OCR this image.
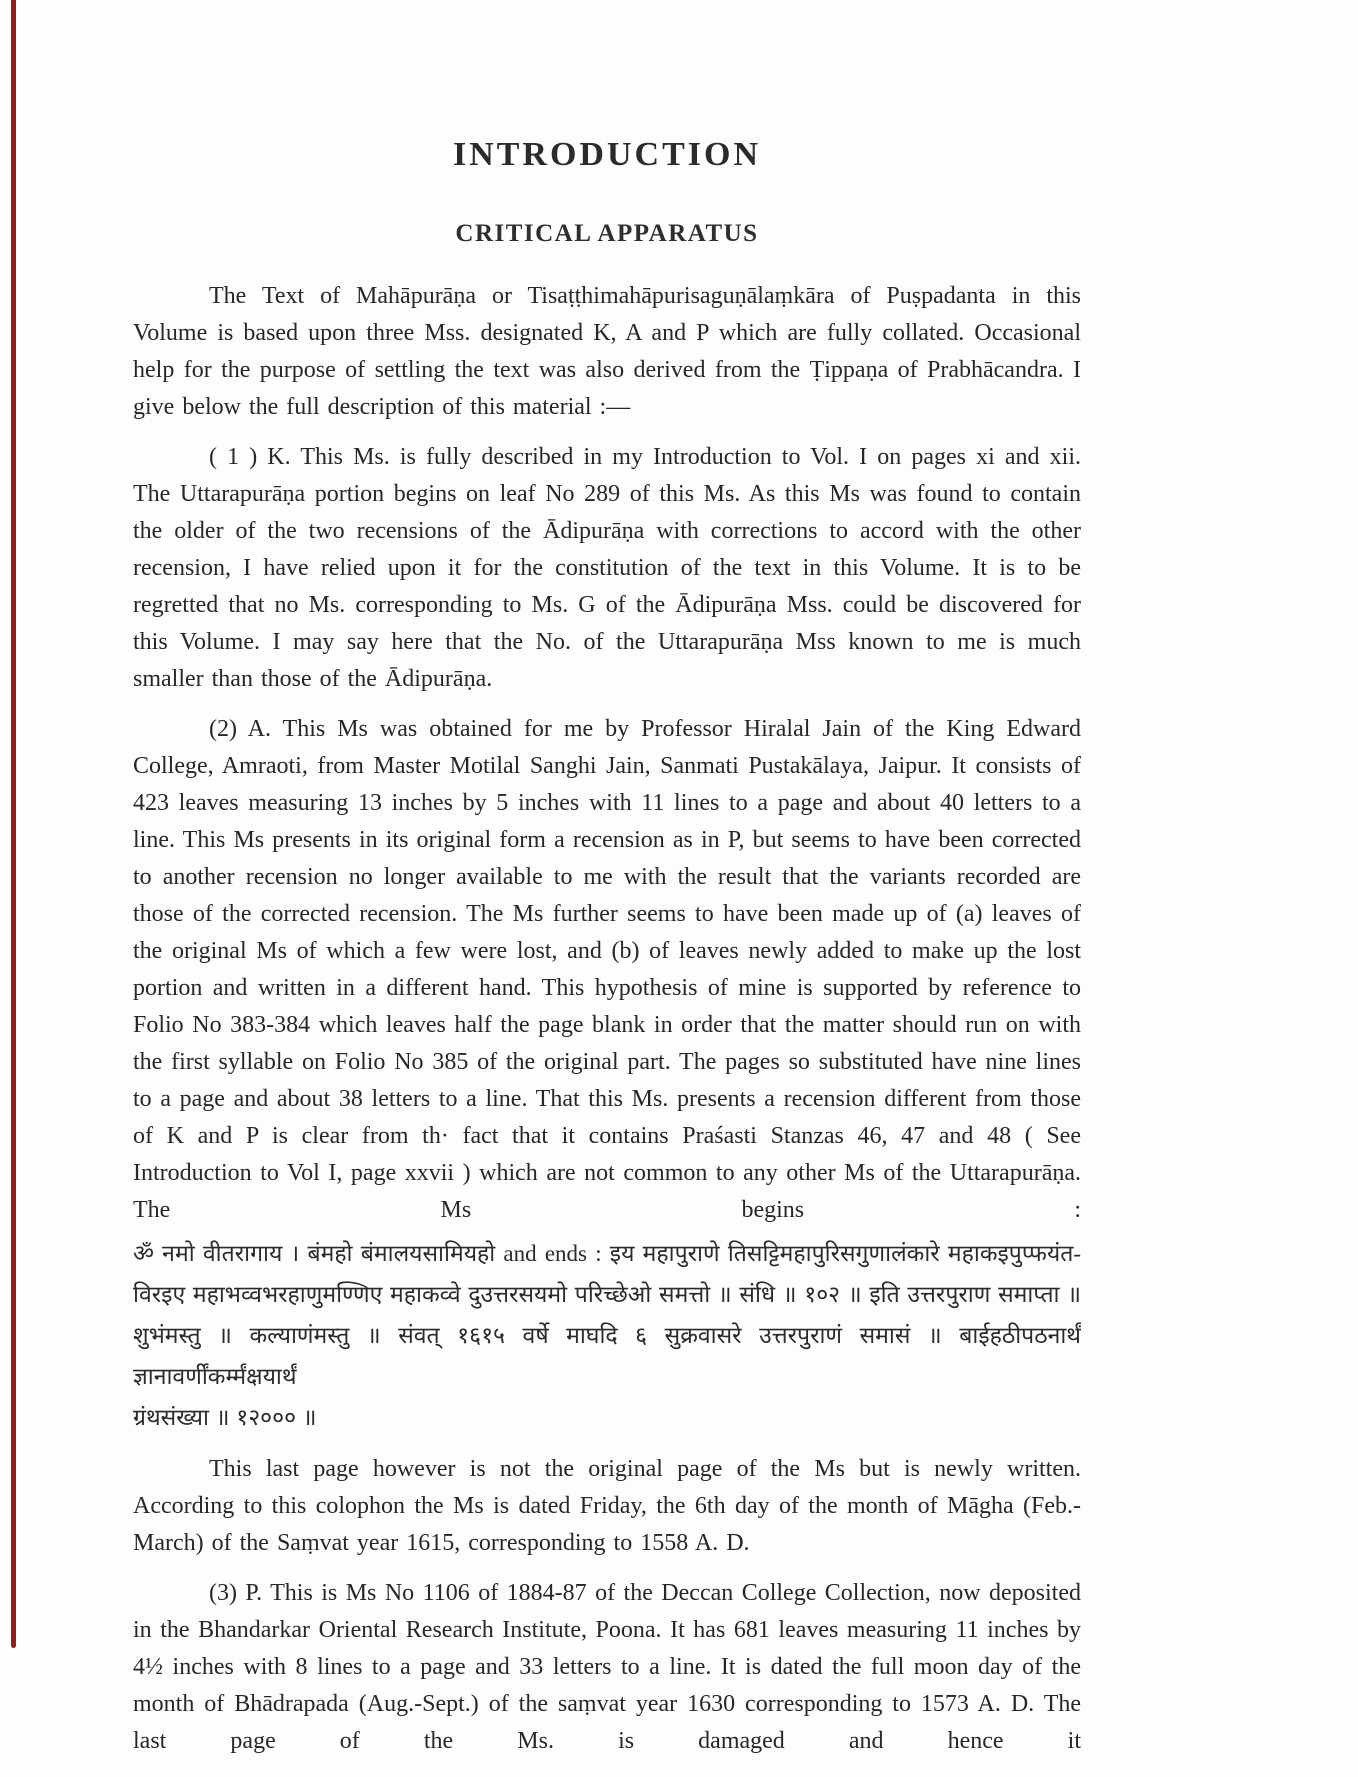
INTRODUCTION
CRITICAL APPARATUS
The Text of Mahāpurāṇa or Tisaṭṭhimahāpurisaguṇālaṃkāra of Puṣpadanta in this Volume is based upon three Mss. designated K, A and P which are fully collated. Occasional help for the purpose of settling the text was also derived from the Ṭippaṇa of Prabhācandra. I give below the full description of this material :—
( 1 ) K. This Ms. is fully described in my Introduction to Vol. I on pages xi and xii. The Uttarapurāṇa portion begins on leaf No 289 of this Ms. As this Ms was found to contain the older of the two recensions of the Ādipurāṇa with corrections to accord with the other recension, I have relied upon it for the constitution of the text in this Volume. It is to be regretted that no Ms. corresponding to Ms. G of the Ādipurāṇa Mss. could be discovered for this Volume. I may say here that the No. of the Uttarapurāṇa Mss known to me is much smaller than those of the Ādipurāṇa.
(2) A. This Ms was obtained for me by Professor Hiralal Jain of the King Edward College, Amraoti, from Master Motilal Sanghi Jain, Sanmati Pustakālaya, Jaipur. It consists of 423 leaves measuring 13 inches by 5 inches with 11 lines to a page and about 40 letters to a line. This Ms presents in its original form a recension as in P, but seems to have been corrected to another recension no longer available to me with the result that the variants recorded are those of the corrected recension. The Ms further seems to have been made up of (a) leaves of the original Ms of which a few were lost, and (b) of leaves newly added to make up the lost portion and written in a different hand. This hypothesis of mine is supported by reference to Folio No 383-384 which leaves half the page blank in order that the matter should run on with the first syllable on Folio No 385 of the original part. The pages so substituted have nine lines to a page and about 38 letters to a line. That this Ms. presents a recension different from those of K and P is clear from th· fact that it contains Praśasti Stanzas 46, 47 and 48 ( See Introduction to Vol I, page xxvii ) which are not common to any other Ms of the Uttarapurāṇa. The Ms begins :
ॐ नमो वीतरागाय । बंमहो बंमालयसामियहो and ends : इय महापुराणे तिसट्टिमहापुरिसगुणालंकारे महाकइपुप्फयंत-
विरइए महाभव्वभरहाणुमण्णिए महाकव्वे दुउत्तरसयमो परिच्छेओ समत्तो ॥ संधि ॥ १०२ ॥ इति उत्तरपुराण समाप्ता ॥
शुभंमस्तु ॥ कल्याणंमस्तु ॥ संवत् १६१५ वर्षे माघदि ६ सुक्रवासरे उत्तरपुराणं समासं ॥ बाईहठीपठनार्थं ज्ञानावर्णींकर्म्मंक्षयार्थं
ग्रंथसंख्या ॥ १२००० ॥
This last page however is not the original page of the Ms but is newly written. According to this colophon the Ms is dated Friday, the 6th day of the month of Māgha (Feb.-March) of the Saṃvat year 1615, corresponding to 1558 A. D.
(3) P. This is Ms No 1106 of 1884-87 of the Deccan College Collection, now deposited in the Bhandarkar Oriental Research Institute, Poona. It has 681 leaves measuring 11 inches by 4½ inches with 8 lines to a page and 33 letters to a line. It is dated the full moon day of the month of Bhādrapada (Aug.-Sept.) of the saṃvat year 1630 corresponding to 1573 A. D. The last page of the Ms. is damaged and hence it
